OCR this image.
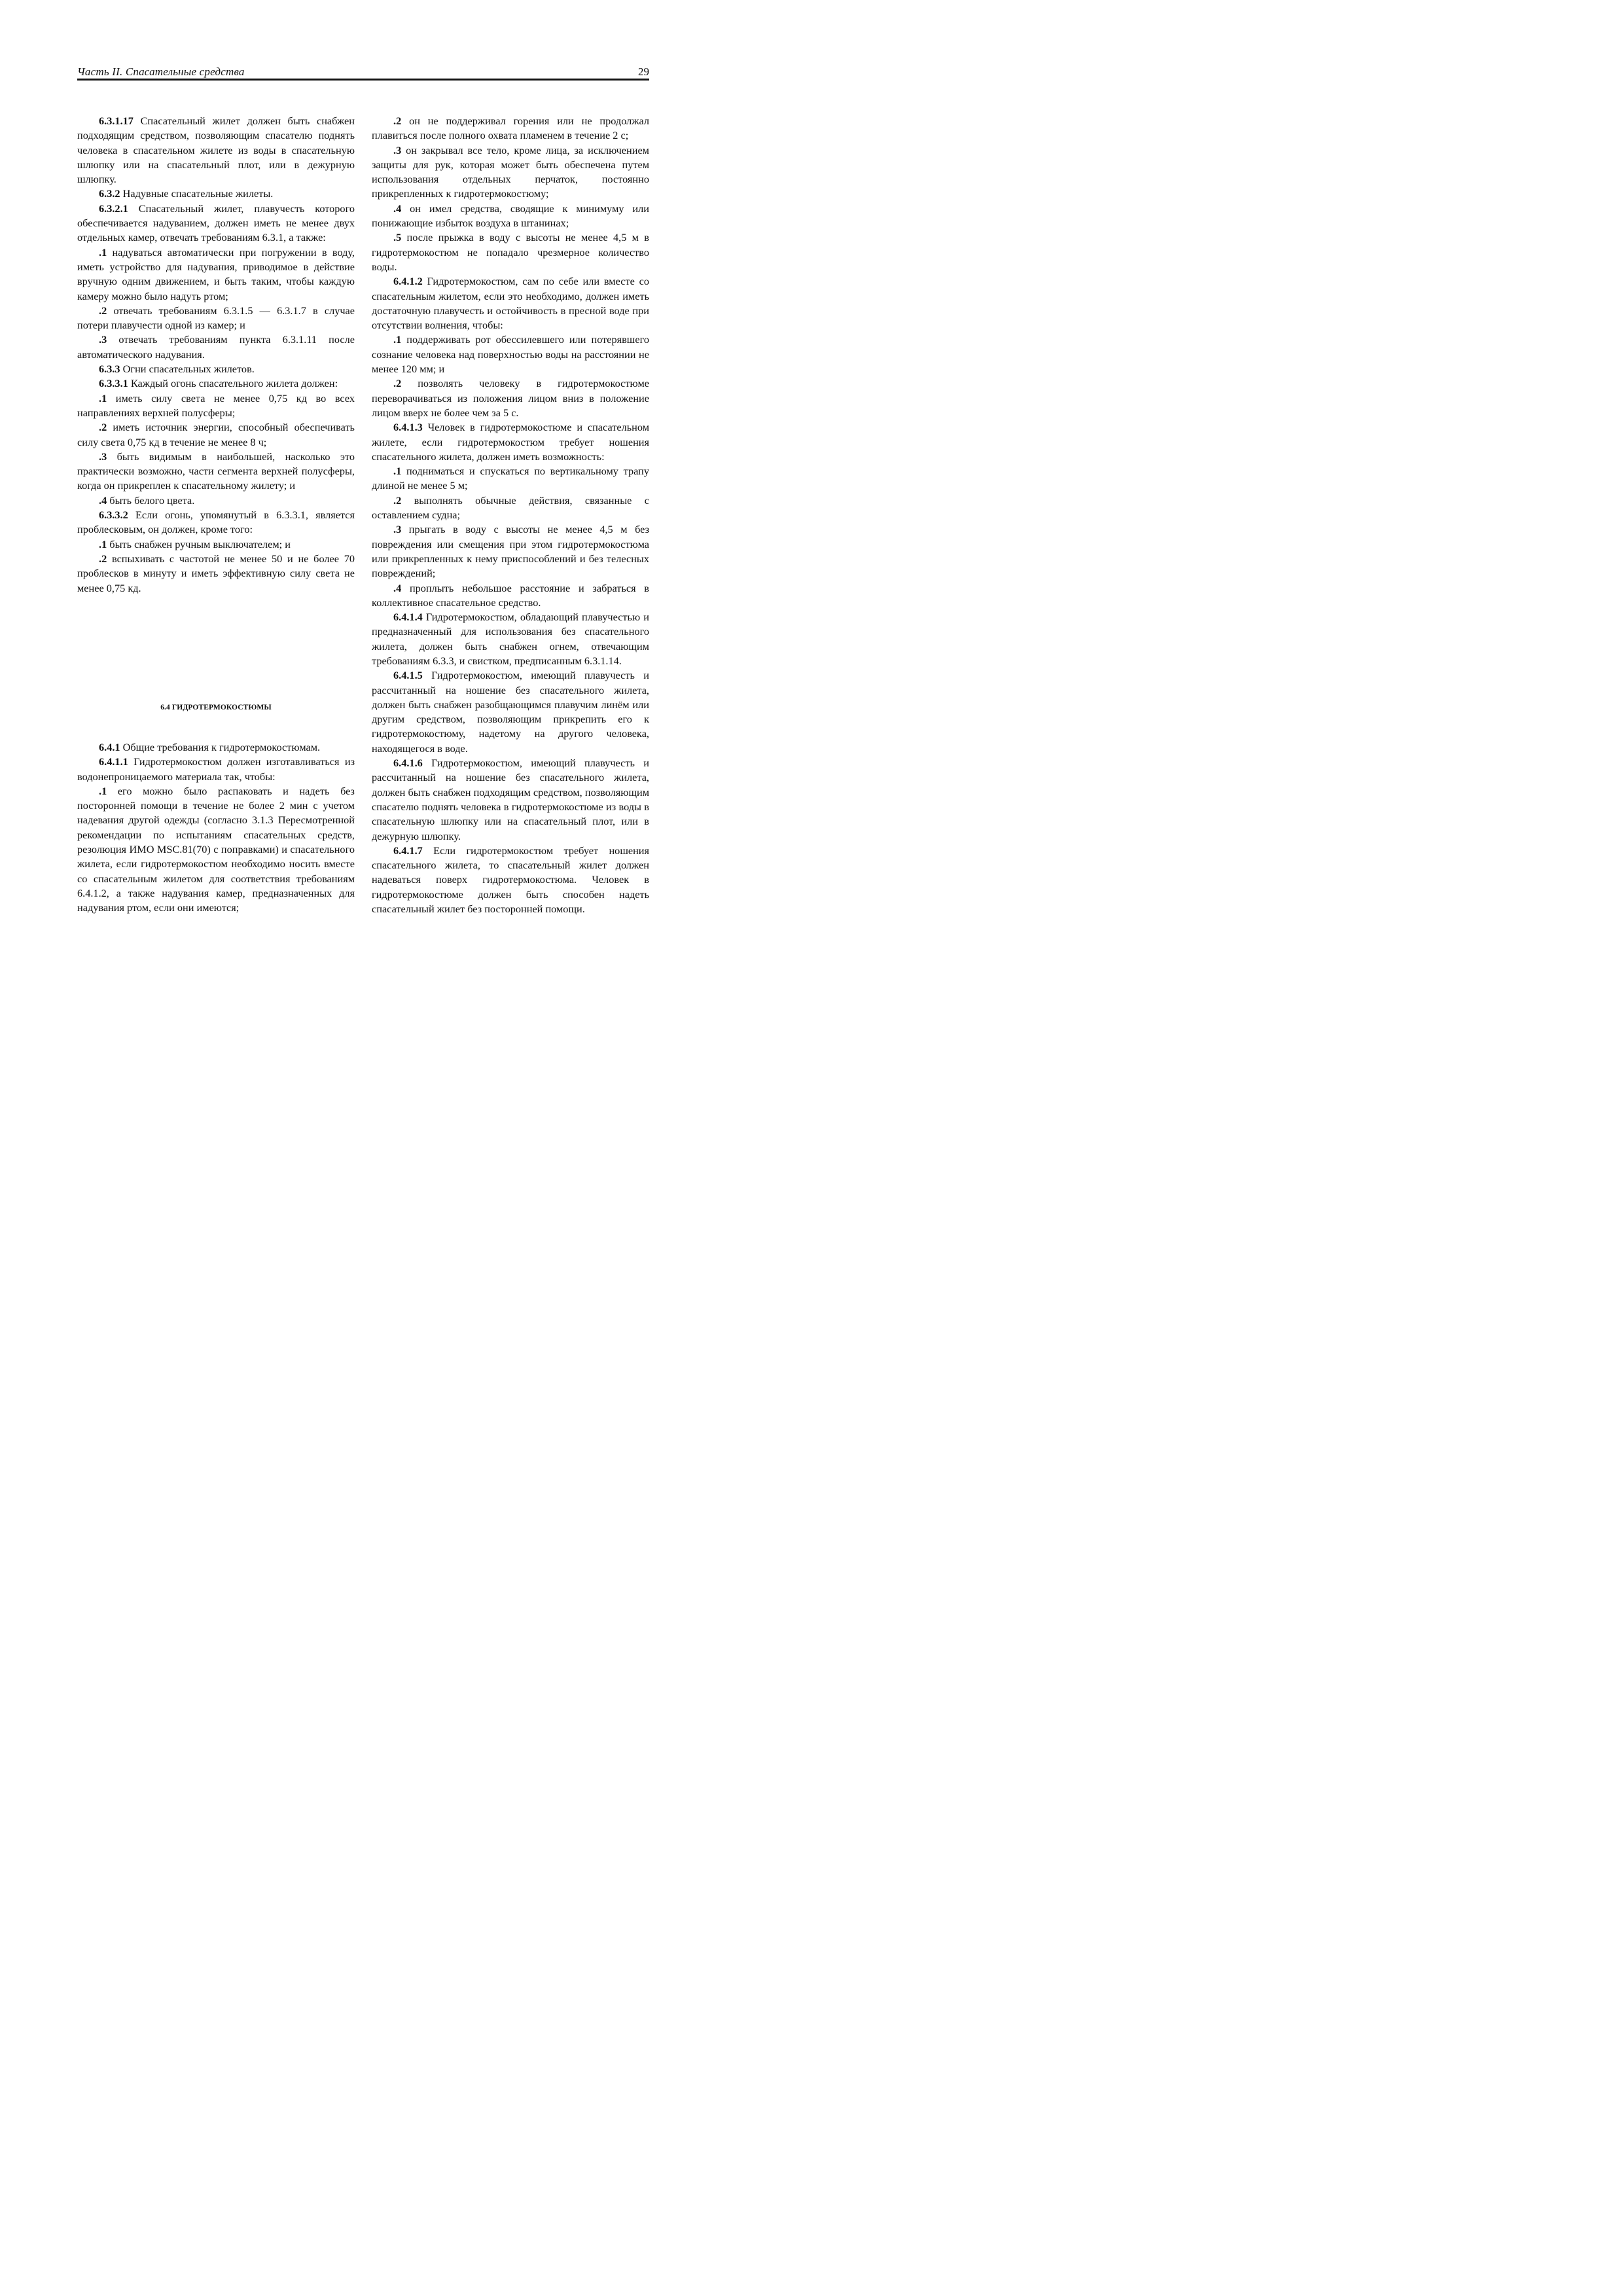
Часть II. Спасательные средства	29

6.3.1.17 Спасательный жилет должен быть снабжен подходящим средством, позволяющим спасателю поднять человека в спасательном жилете из воды в спасательную шлюпку или на спасательный плот, или в дежурную шлюпку.

6.3.2 Надувные спасательные жилеты.

6.3.2.1 Спасательный жилет, плавучесть которого обеспечивается надуванием, должен иметь не менее двух отдельных камер, отвечать требованиям 6.3.1, а также:

.1 надуваться автоматически при погружении в воду, иметь устройство для надувания, приводимое в действие вручную одним движением, и быть таким, чтобы каждую камеру можно было надуть ртом;

.2 отвечать требованиям 6.3.1.5 — 6.3.1.7 в случае потери плавучести одной из камер; и

.3 отвечать требованиям пункта 6.3.1.11 после автоматического надувания.

6.3.3 Огни спасательных жилетов.

6.3.3.1 Каждый огонь спасательного жилета должен:

.1 иметь силу света не менее 0,75 кд во всех направлениях верхней полусферы;

.2 иметь источник энергии, способный обеспечивать силу света 0,75 кд в течение не менее 8 ч;

.3 быть видимым в наибольшей, насколько это практически возможно, части сегмента верхней полусферы, когда он прикреплен к спасательному жилету; и

.4 быть белого цвета.

6.3.3.2 Если огонь, упомянутый в 6.3.3.1, является проблесковым, он должен, кроме того:

.1 быть снабжен ручным выключателем; и

.2 вспыхивать с частотой не менее 50 и не более 70 проблесков в минуту и иметь эффективную силу света не менее 0,75 кд.

6.4 ГИДРОТЕРМОКОСТЮМЫ

6.4.1 Общие требования к гидротермокостюмам.

6.4.1.1 Гидротермокостюм должен изготавливаться из водонепроницаемого материала так, чтобы:

.1 его можно было распаковать и надеть без посторонней помощи в течение не более 2 мин с учетом надевания другой одежды (согласно 3.1.3 Пересмотренной рекомендации по испытаниям спасательных средств, резолюция ИМО MSC.81(70) с поправками) и спасательного жилета, если гидротермокостюм необходимо носить вместе со спасательным жилетом для соответствия требованиям 6.4.1.2, а также надувания камер, предназначенных для надувания ртом, если они имеются;

.2 он не поддерживал горения или не продолжал плавиться после полного охвата пламенем в течение 2 с;

.3 он закрывал все тело, кроме лица, за исключением защиты для рук, которая может быть обеспечена путем использования отдельных перчаток, постоянно прикрепленных к гидротермокостюму;

.4 он имел средства, сводящие к минимуму или понижающие избыток воздуха в штанинах;

.5 после прыжка в воду с высоты не менее 4,5 м в гидротермокостюм не попадало чрезмерное количество воды.

6.4.1.2 Гидротермокостюм, сам по себе или вместе со спасательным жилетом, если это необходимо, должен иметь достаточную плавучесть и остойчивость в пресной воде при отсутствии волнения, чтобы:

.1 поддерживать рот обессилевшего или потерявшего сознание человека над поверхностью воды на расстоянии не менее 120 мм; и

.2 позволять человеку в гидротермокостюме переворачиваться из положения лицом вниз в положение лицом вверх не более чем за 5 с.

6.4.1.3 Человек в гидротермокостюме и спасательном жилете, если гидротермокостюм требует ношения спасательного жилета, должен иметь возможность:

.1 подниматься и спускаться по вертикальному трапу длиной не менее 5 м;

.2 выполнять обычные действия, связанные с оставлением судна;

.3 прыгать в воду с высоты не менее 4,5 м без повреждения или смещения при этом гидротермокостюма или прикрепленных к нему приспособлений и без телесных повреждений;

.4 проплыть небольшое расстояние и забраться в коллективное спасательное средство.

6.4.1.4 Гидротермокостюм, обладающий плавучестью и предназначенный для использования без спасательного жилета, должен быть снабжен огнем, отвечающим требованиям 6.3.3, и свистком, предписанным 6.3.1.14.

6.4.1.5 Гидротермокостюм, имеющий плавучесть и рассчитанный на ношение без спасательного жилета, должен быть снабжен разобщающимся плавучим линём или другим средством, позволяющим прикрепить его к гидротермокостюму, надетому на другого человека, находящегося в воде.

6.4.1.6 Гидротермокостюм, имеющий плавучесть и рассчитанный на ношение без спасательного жилета, должен быть снабжен подходящим средством, позволяющим спасателю поднять человека в гидротермокостюме из воды в спасательную шлюпку или на спасательный плот, или в дежурную шлюпку.

6.4.1.7 Если гидротермокостюм требует ношения спасательного жилета, то спасательный жилет должен надеваться поверх гидротермокостюма. Человек в гидротермокостюме должен быть способен надеть спасательный жилет без посторонней помощи.
